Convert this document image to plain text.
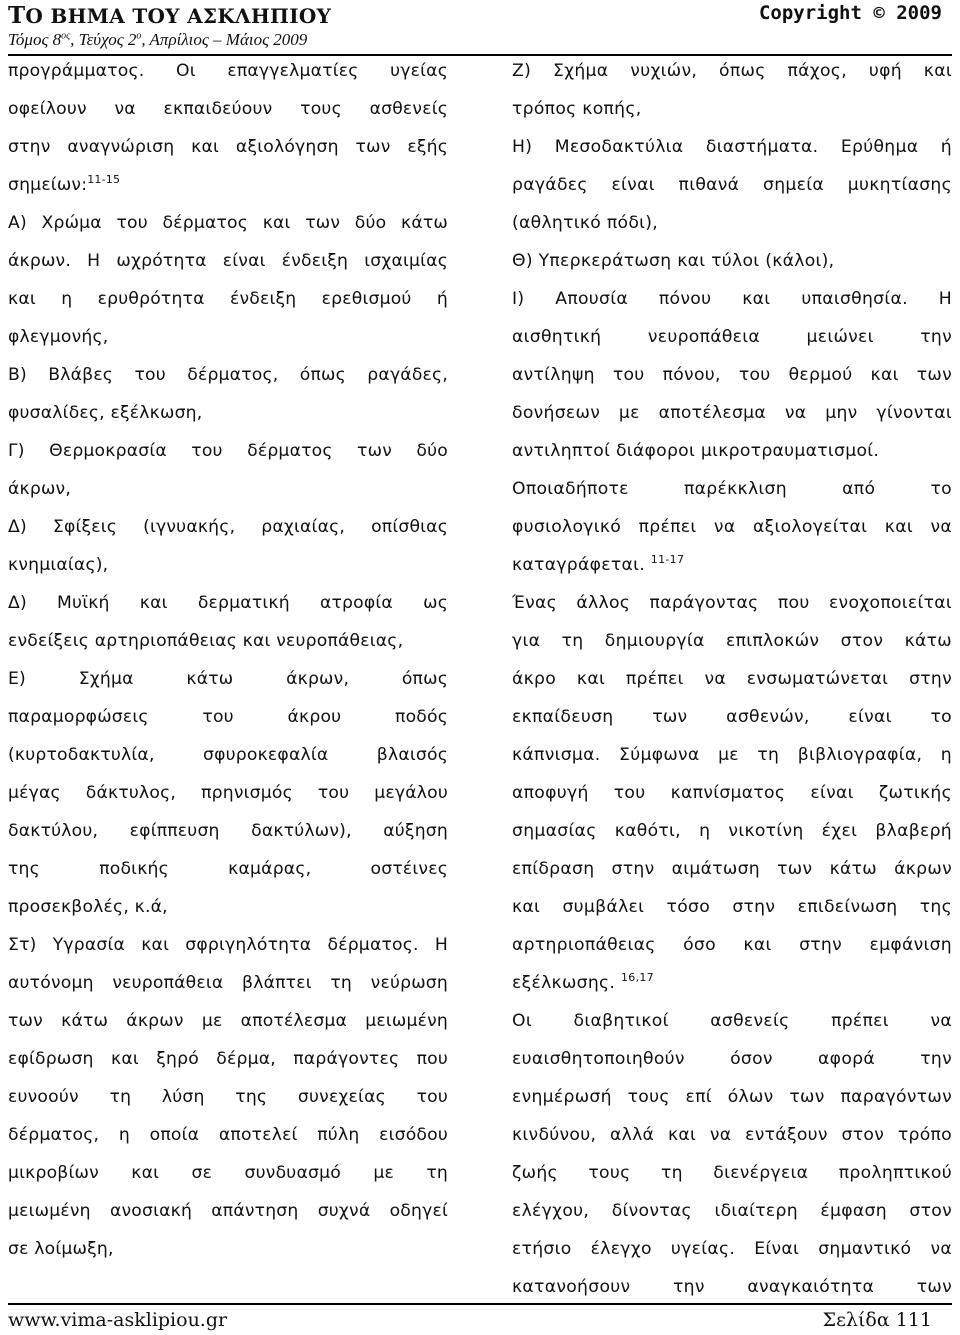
ΤΟ ΒΗΜΑ ΤΟΥ ΑΣΚΛΗΠΙΟΥ	Copyright © 2009
Τόμος $8^{o\varsigma}$, Τεύχος $2^o$, Απρίλιος – Μάιος 2009
προγράμματος. Οι επαγγελματίες υγείας
οφείλουν να εκπαιδεύουν τους ασθενείς
στην αναγνώριση και αξιολόγηση των εξής
σημείων:$^{11-15}$
Α) Χρώμα του δέρματος και των δύο κάτω
άκρων. Η ωχρότητα είναι ένδειξη ισχαιμίας
και η ερυθρότητα ένδειξη ερεθισμού ή
φλεγμονής,
Β) Βλάβες του δέρματος, όπως ραγάδες,
φυσαλίδες, εξέλκωση,
Γ) Θερμοκρασία του δέρματος των δύο
άκρων,
Δ) Σφίξεις (ιγνυακής, ραχιαίας, οπίσθιας
κνημιαίας),
Δ) Μυϊκή και δερματική ατροφία ως
ενδείξεις αρτηριοπάθειας και νευροπάθειας,
Ε) Σχήμα κάτω άκρων, όπως
παραμορφώσεις του άκρου ποδός
(κυρτοδακτυλία, σφυροκεφαλία βλαισός
μέγας δάκτυλος, πρηνισμός του μεγάλου
δακτύλου, εφίππευση δακτύλων), αύξηση
της ποδικής καμάρας, οστέινες
προσεκβολές, κ.ά,
Στ) Υγρασία και σφριγηλότητα δέρματος. Η
αυτόνομη νευροπάθεια βλάπτει τη νεύρωση
των κάτω άκρων με αποτέλεσμα μειωμένη
εφίδρωση και ξηρό δέρμα, παράγοντες που
ευνοούν τη λύση της συνεχείας του
δέρματος, η οποία αποτελεί πύλη εισόδου
μικροβίων και σε συνδυασμό με τη
μειωμένη ανοσιακή απάντηση συχνά οδηγεί
σε λοίμωξη,
Ζ) Σχήμα νυχιών, όπως πάχος, υφή και
τρόπος κοπής,
Η) Μεσοδακτύλια διαστήματα. Ερύθημα ή
ραγάδες είναι πιθανά σημεία μυκητίασης
(αθλητικό πόδι),
Θ) Υπερκεράτωση και τύλοι (κάλοι),
Ι) Απουσία πόνου και υπαισθησία. Η
αισθητική νευροπάθεια μειώνει την
αντίληψη του πόνου, του θερμού και των
δονήσεων με αποτέλεσμα να μην γίνονται
αντιληπτοί διάφοροι μικροτραυματισμοί.
Οποιαδήποτε παρέκκλιση από το
φυσιολογικό πρέπει να αξιολογείται και να
καταγράφεται. $^{11-17}$
Ένας άλλος παράγοντας που ενοχοποιείται
για τη δημιουργία επιπλοκών στον κάτω
άκρο και πρέπει να ενσωματώνεται στην
εκπαίδευση των ασθενών, είναι το
κάπνισμα. Σύμφωνα με τη βιβλιογραφία, η
αποφυγή του καπνίσματος είναι ζωτικής
σημασίας καθότι, η νικοτίνη έχει βλαβερή
επίδραση στην αιμάτωση των κάτω άκρων
και συμβάλει τόσο στην επιδείνωση της
αρτηριοπάθειας όσο και στην εμφάνιση
εξέλκωσης. $^{16,17}$
Οι διαβητικοί ασθενείς πρέπει να
ευαισθητοποιηθούν όσον αφορά την
ενημέρωσή τους επί όλων των παραγόντων
κινδύνου, αλλά και να εντάξουν στον τρόπο
ζωής τους τη διενέργεια προληπτικού
ελέγχου, δίνοντας ιδιαίτερη έμφαση στον
ετήσιο έλεγχο υγείας. Είναι σημαντικό να
κατανοήσουν την αναγκαιότητα των
www.vima-asklipiou.gr	Σελίδα 111
